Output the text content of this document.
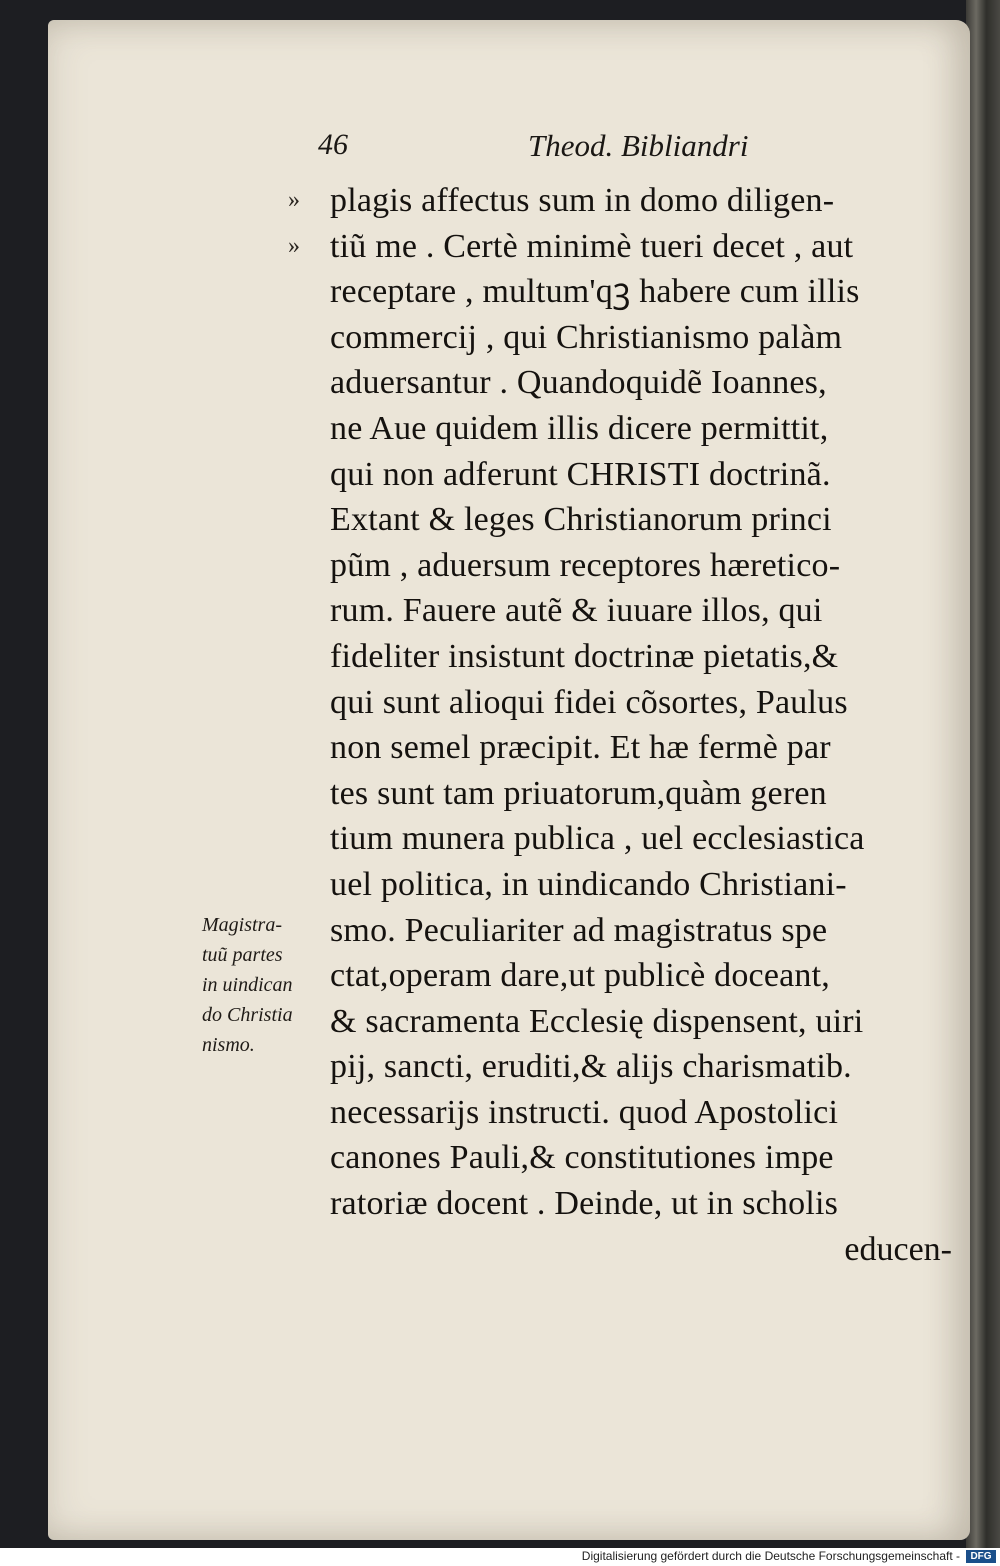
46	Theod. Bibliandri
» plagis affectus sum in domo diligen-
» tiũ me . Certè minimè tueri decet , aut
receptare , multum'qꝫ habere cum illis
commercij , qui Christianismo palàm
aduersantur . Quandoquidẽ Ioannes,
ne Aue quidem illis dicere permittit,
qui non adferunt CHRISTI doctrinã.
Extant & leges Christianorum princi
pũm , aduersum receptores hæretico-
rum. Fauere autẽ & iuuare illos, qui
fideliter insistunt doctrinæ pietatis,&
qui sunt alioqui fidei cõsortes, Paulus
non semel præcipit. Et hæ fermè par
tes sunt tam priuatorum,quàm geren
tium munera publica , uel ecclesiastica
uel politica, in uindicando Christiani-
smo. Peculiariter ad magistratus spe
ctat,operam dare,ut publicè doceant,
& sacramenta Ecclesię dispensent, uiri
pij, sancti, eruditi,& alijs charismatib.
necessarijs instructi. quod Apostolici
canones Pauli,& constitutiones impe
ratoriæ docent . Deinde, ut in scholis
educen-
Magistra-
tuũ partes
in uindican
do Christia
nismo.
Digitalisierung gefördert durch die Deutsche Forschungsgemeinschaft -	DFG
